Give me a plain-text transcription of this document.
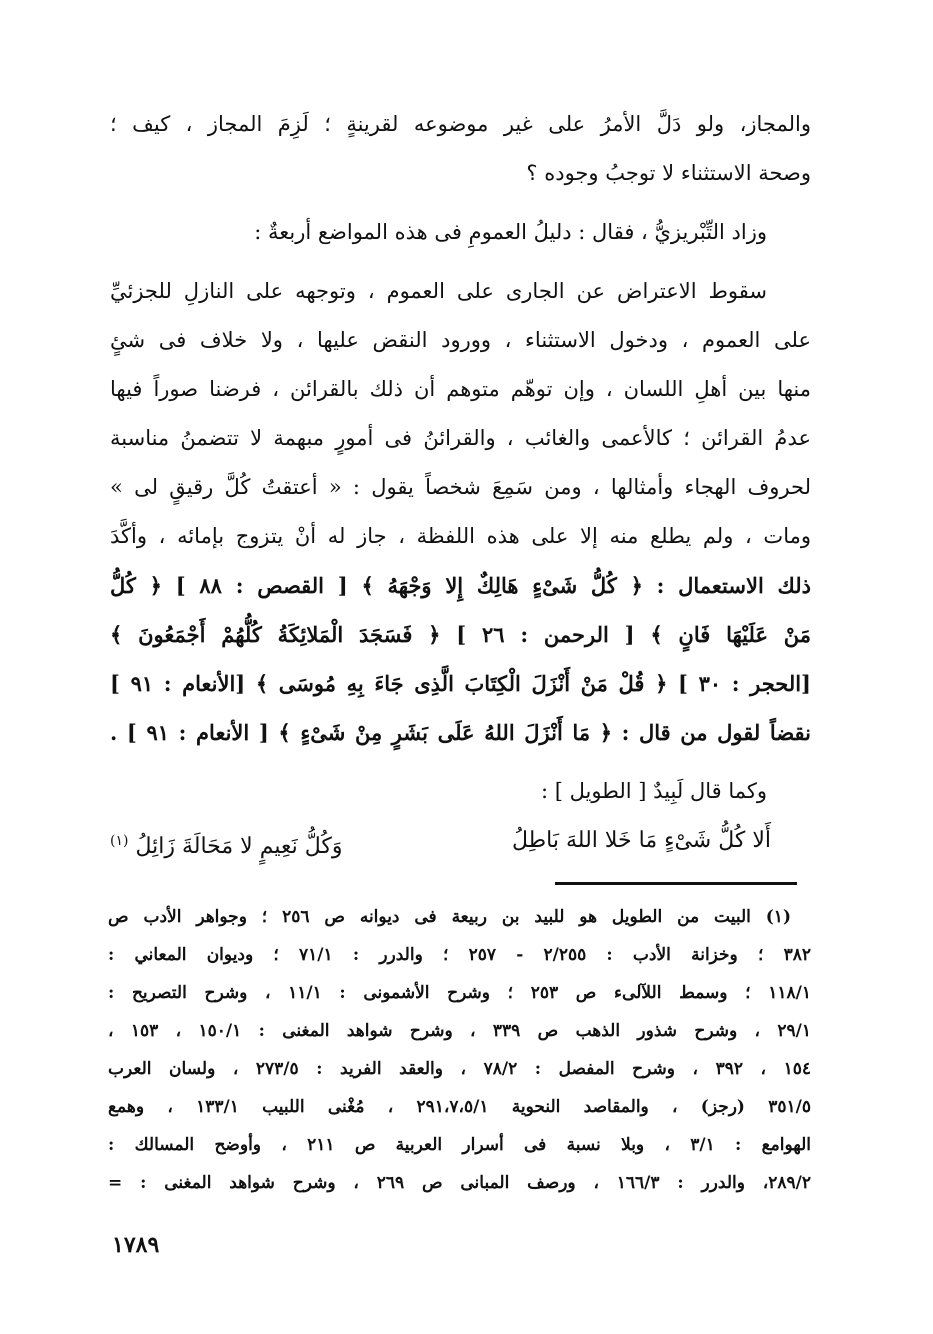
والمجاز، ولو دَلَّ الأمرُ على غير موضوعه لقرينةٍ ؛ لَزِمَ المجاز ، كيف ؛
وصحة الاستثناء لا توجبُ وجوده ؟
وزاد التِّبْريزيُّ ، فقال : دليلُ العمومِ فى هذه المواضع أربعةٌ :
سقوط الاعتراض عن الجارى على العموم ، وتوجهه على النازلِ للجزئيِّ
على العموم ، ودخول الاستثناء ، وورود النقض عليها ، ولا خلاف فى شئٍ
منها بين أهلِ اللسان ، وإن توهّم متوهم أن ذلك بالقرائن ، فرضنا صوراً فيها
عدمُ القرائن ؛ كالأعمى والغائب ، والقرائنُ فى أمورٍ مبهمة لا تتضمنُ مناسبة
لحروف الهجاء وأمثالها ، ومن سَمِعَ شخصاً يقول : « أعتقتُ كُلَّ رقيقٍ لى »
ومات ، ولم يطلع منه إلا على هذه اللفظة ، جاز له أنْ يتزوج بإمائه ، وأكَّدَ
ذلك الاستعمال : ﴿ كُلُّ شَىْءٍ هَالِكٌ إِلا وَجْهَهُ ﴾ [ القصص : ٨٨ ] ﴿ كُلُّ
مَنْ عَلَيْهَا فَانٍ ﴾ [ الرحمن : ٢٦ ] ﴿ فَسَجَدَ الْمَلائِكَةُ كُلُّهُمْ أَجْمَعُونَ ﴾
[الحجر : ٣٠ ] ﴿ قُلْ مَنْ أَنْزَلَ الْكِتَابَ الَّذِى جَاءَ بِهِ مُوسَى ﴾ [الأنعام : ٩١ ]
نقضاً لقول من قال : ﴿ مَا أَنْزَلَ اللهُ عَلَى بَشَرٍ مِنْ شَىْءٍ ﴾ [ الأنعام : ٩١ ] .
وكما قال لَبِيدٌ [ الطويل ] :
أَلا كُلُّ شَىْءٍ مَا خَلا اللهَ بَاطِلُ
وَكُلُّ نَعِيمٍ لا مَحَالَةَ زَائِلُ $^{(١)}$
(١) البيت من الطويل هو للبيد بن ربيعة فى ديوانه ص ٢٥٦ ؛ وجواهر الأدب ص
٣٨٢ ؛ وخزانة الأدب : ٢/٢٥٥ - ٢٥٧ ؛ والدرر : ٧١/١ ؛ وديوان المعاني :
١١٨/١ ؛ وسمط اللآلىء ص ٢٥٣ ؛ وشرح الأشمونى : ١١/١ ، وشرح التصريح :
٢٩/١ ، وشرح شذور الذهب ص ٣٣٩ ، وشرح شواهد المغنى : ١٥٠/١ ، ١٥٣ ،
١٥٤ ، ٣٩٢ ، وشرح المفصل : ٧٨/٢ ، والعقد الفريد : ٢٧٣/٥ ، ولسان العرب
٣٥١/٥ (رجز) ، والمقاصد النحوية ٢٩١،٧،٥/١ ، مُغْنى اللبيب ١٣٣/١ ، وهمع
الهوامع : ٣/١ ، وبلا نسبة فى أسرار العربية ص ٢١١ ، وأوضح المسالك :
٢٨٩/٢، والدرر : ١٦٦/٣ ، ورصف المبانى ص ٢٦٩ ، وشرح شواهد المغنى : =
١٧٨٩
